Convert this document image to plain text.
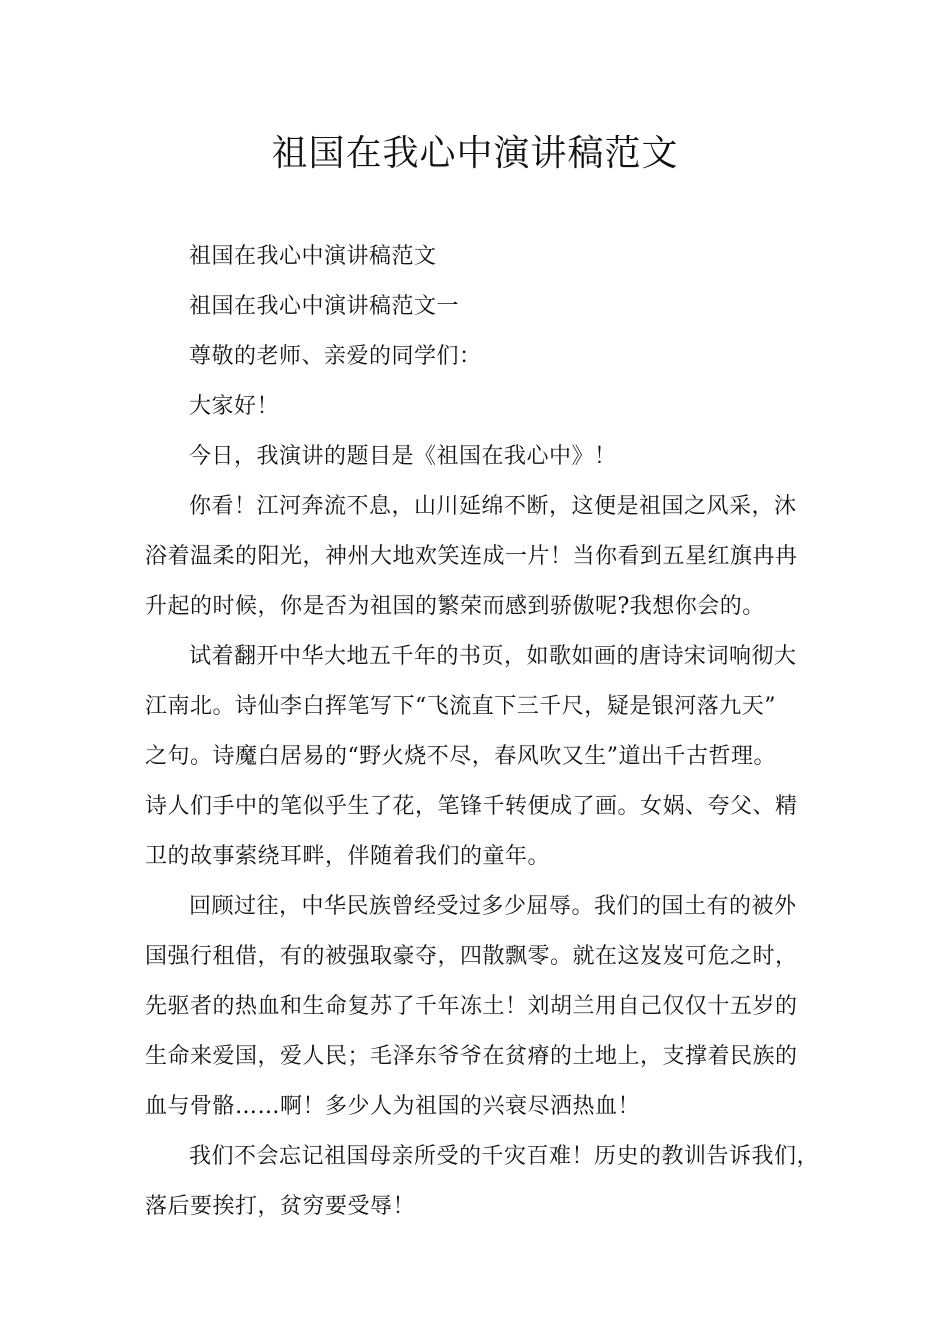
祖国在我心中演讲稿范文
祖国在我心中演讲稿范文
祖国在我心中演讲稿范文一
尊敬的老师、亲爱的同学们：
大家好！
今日，我演讲的题目是《祖国在我心中》！
你看！江河奔流不息，山川延绵不断，这便是祖国之风采，沐
浴着温柔的阳光，神州大地欢笑连成一片！当你看到五星红旗冉冉
升起的时候，你是否为祖国的繁荣而感到骄傲呢?我想你会的。
试着翻开中华大地五千年的书页，如歌如画的唐诗宋词响彻大
江南北。诗仙李白挥笔写下“飞流直下三千尺，疑是银河落九天”
之句。诗魔白居易的“野火烧不尽，春风吹又生”道出千古哲理。
诗人们手中的笔似乎生了花，笔锋千转便成了画。女娲、夸父、精
卫的故事萦绕耳畔，伴随着我们的童年。
回顾过往，中华民族曾经受过多少屈辱。我们的国土有的被外
国强行租借，有的被强取豪夺，四散飘零。就在这岌岌可危之时，
先驱者的热血和生命复苏了千年冻土！刘胡兰用自己仅仅十五岁的
生命来爱国，爱人民；毛泽东爷爷在贫瘠的土地上，支撑着民族的
血与骨骼……啊！多少人为祖国的兴衰尽洒热血！
我们不会忘记祖国母亲所受的千灾百难！历史的教训告诉我们，
落后要挨打，贫穷要受辱！
